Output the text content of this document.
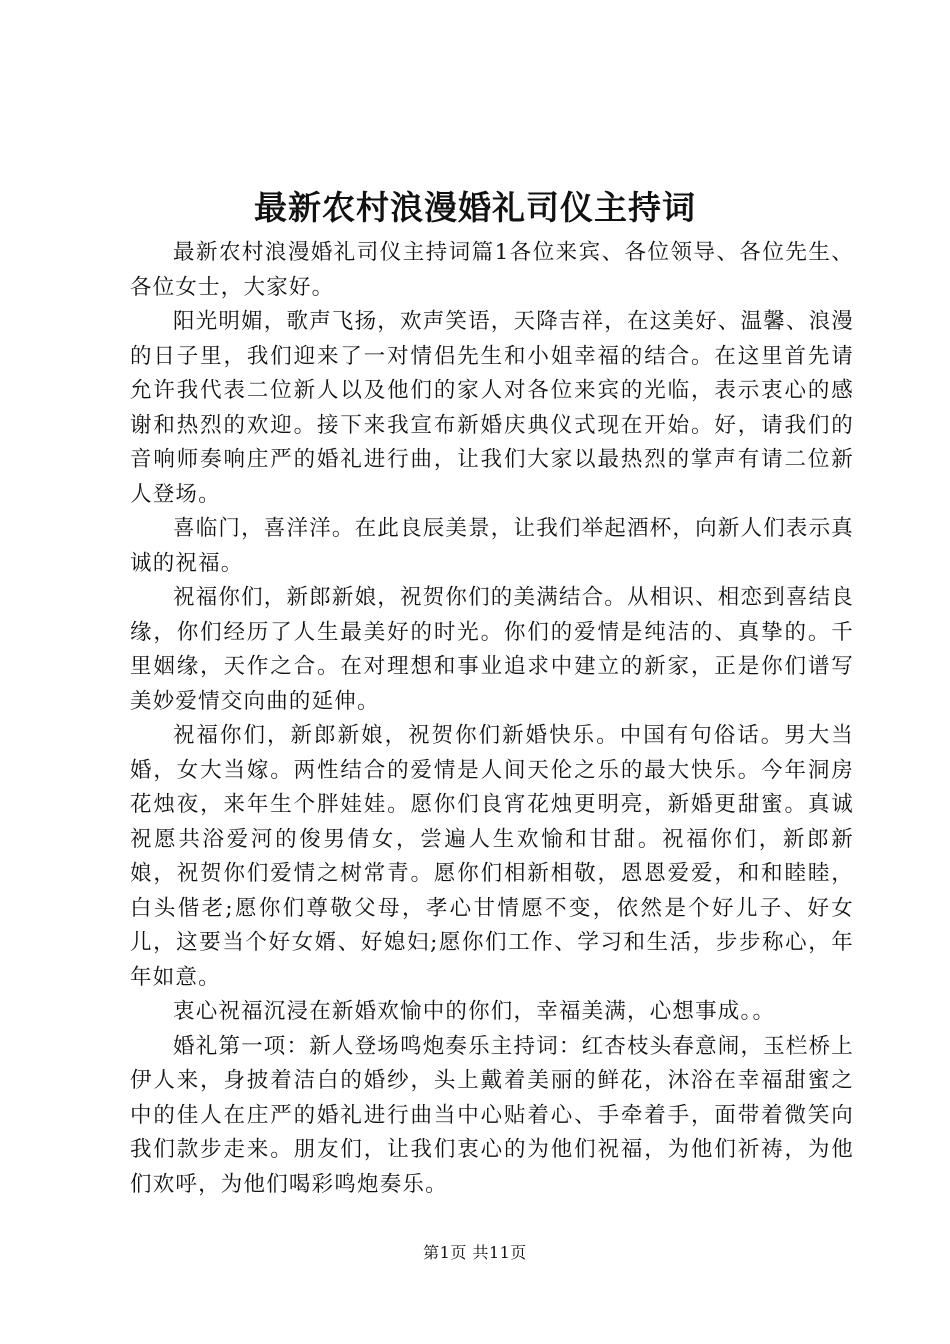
最新农村浪漫婚礼司仪主持词

最新农村浪漫婚礼司仪主持词篇1各位来宾、各位领导、各位先生、各位女士，大家好。

阳光明媚，歌声飞扬，欢声笑语，天降吉祥，在这美好、温馨、浪漫的日子里，我们迎来了一对情侣先生和小姐幸福的结合。在这里首先请允许我代表二位新人以及他们的家人对各位来宾的光临，表示衷心的感谢和热烈的欢迎。接下来我宣布新婚庆典仪式现在开始。好，请我们的音响师奏响庄严的婚礼进行曲，让我们大家以最热烈的掌声有请二位新人登场。

喜临门，喜洋洋。在此良辰美景，让我们举起酒杯，向新人们表示真诚的祝福。

祝福你们，新郎新娘，祝贺你们的美满结合。从相识、相恋到喜结良缘，你们经历了人生最美好的时光。你们的爱情是纯洁的、真挚的。千里姻缘，天作之合。在对理想和事业追求中建立的新家，正是你们谱写美妙爱情交向曲的延伸。

祝福你们，新郎新娘，祝贺你们新婚快乐。中国有句俗话。男大当婚，女大当嫁。两性结合的爱情是人间天伦之乐的最大快乐。今年洞房花烛夜，来年生个胖娃娃。愿你们良宵花烛更明亮，新婚更甜蜜。真诚祝愿共浴爱河的俊男倩女，尝遍人生欢愉和甘甜。祝福你们，新郎新娘，祝贺你们爱情之树常青。愿你们相新相敬，恩恩爱爱，和和睦睦，白头偕老;愿你们尊敬父母，孝心甘情愿不变，依然是个好儿子、好女儿，这要当个好女婿、好媳妇;愿你们工作、学习和生活，步步称心，年年如意。

衷心祝福沉浸在新婚欢愉中的你们，幸福美满，心想事成。。

婚礼第一项：新人登场鸣炮奏乐主持词：红杏枝头春意闹，玉栏桥上伊人来，身披着洁白的婚纱，头上戴着美丽的鲜花，沐浴在幸福甜蜜之中的佳人在庄严的婚礼进行曲当中心贴着心、手牵着手，面带着微笑向我们款步走来。朋友们，让我们衷心的为他们祝福，为他们祈祷，为他们欢呼，为他们喝彩鸣炮奏乐。

第1页 共11页
